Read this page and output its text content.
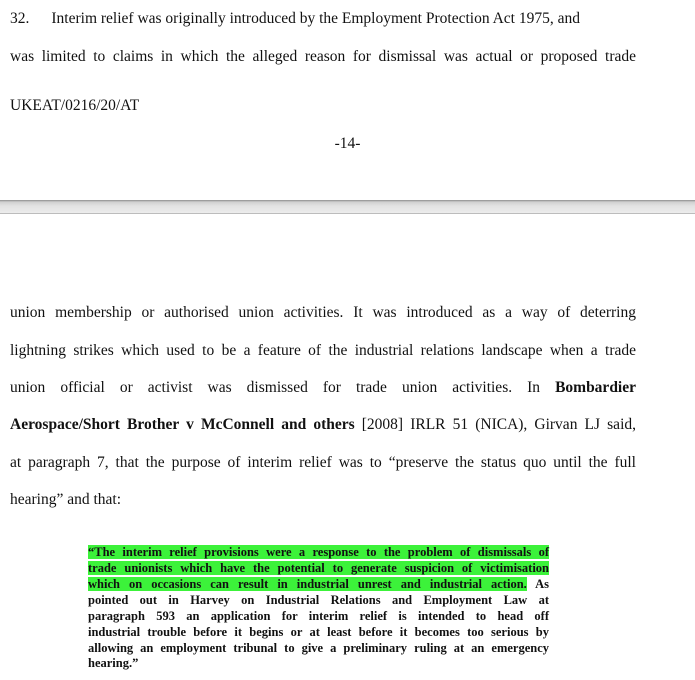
32. Interim relief was originally introduced by the Employment Protection Act 1975, and
was limited to claims in which the alleged reason for dismissal was actual or proposed trade
UKEAT/0216/20/AT
-14-
union membership or authorised union activities. It was introduced as a way of deterring
lightning strikes which used to be a feature of the industrial relations landscape when a trade
union official or activist was dismissed for trade union activities. In Bombardier
Aerospace/Short Brother v McConnell and others [2008] IRLR 51 (NICA), Girvan LJ said,
at paragraph 7, that the purpose of interim relief was to “preserve the status quo until the full
hearing” and that:
“The interim relief provisions were a response to the problem of dismissals of
trade unionists which have the potential to generate suspicion of victimisation
which on occasions can result in industrial unrest and industrial action. As
pointed out in Harvey on Industrial Relations and Employment Law at
paragraph 593 an application for interim relief is intended to head off
industrial trouble before it begins or at least before it becomes too serious by
allowing an employment tribunal to give a preliminary ruling at an emergency
hearing.”
